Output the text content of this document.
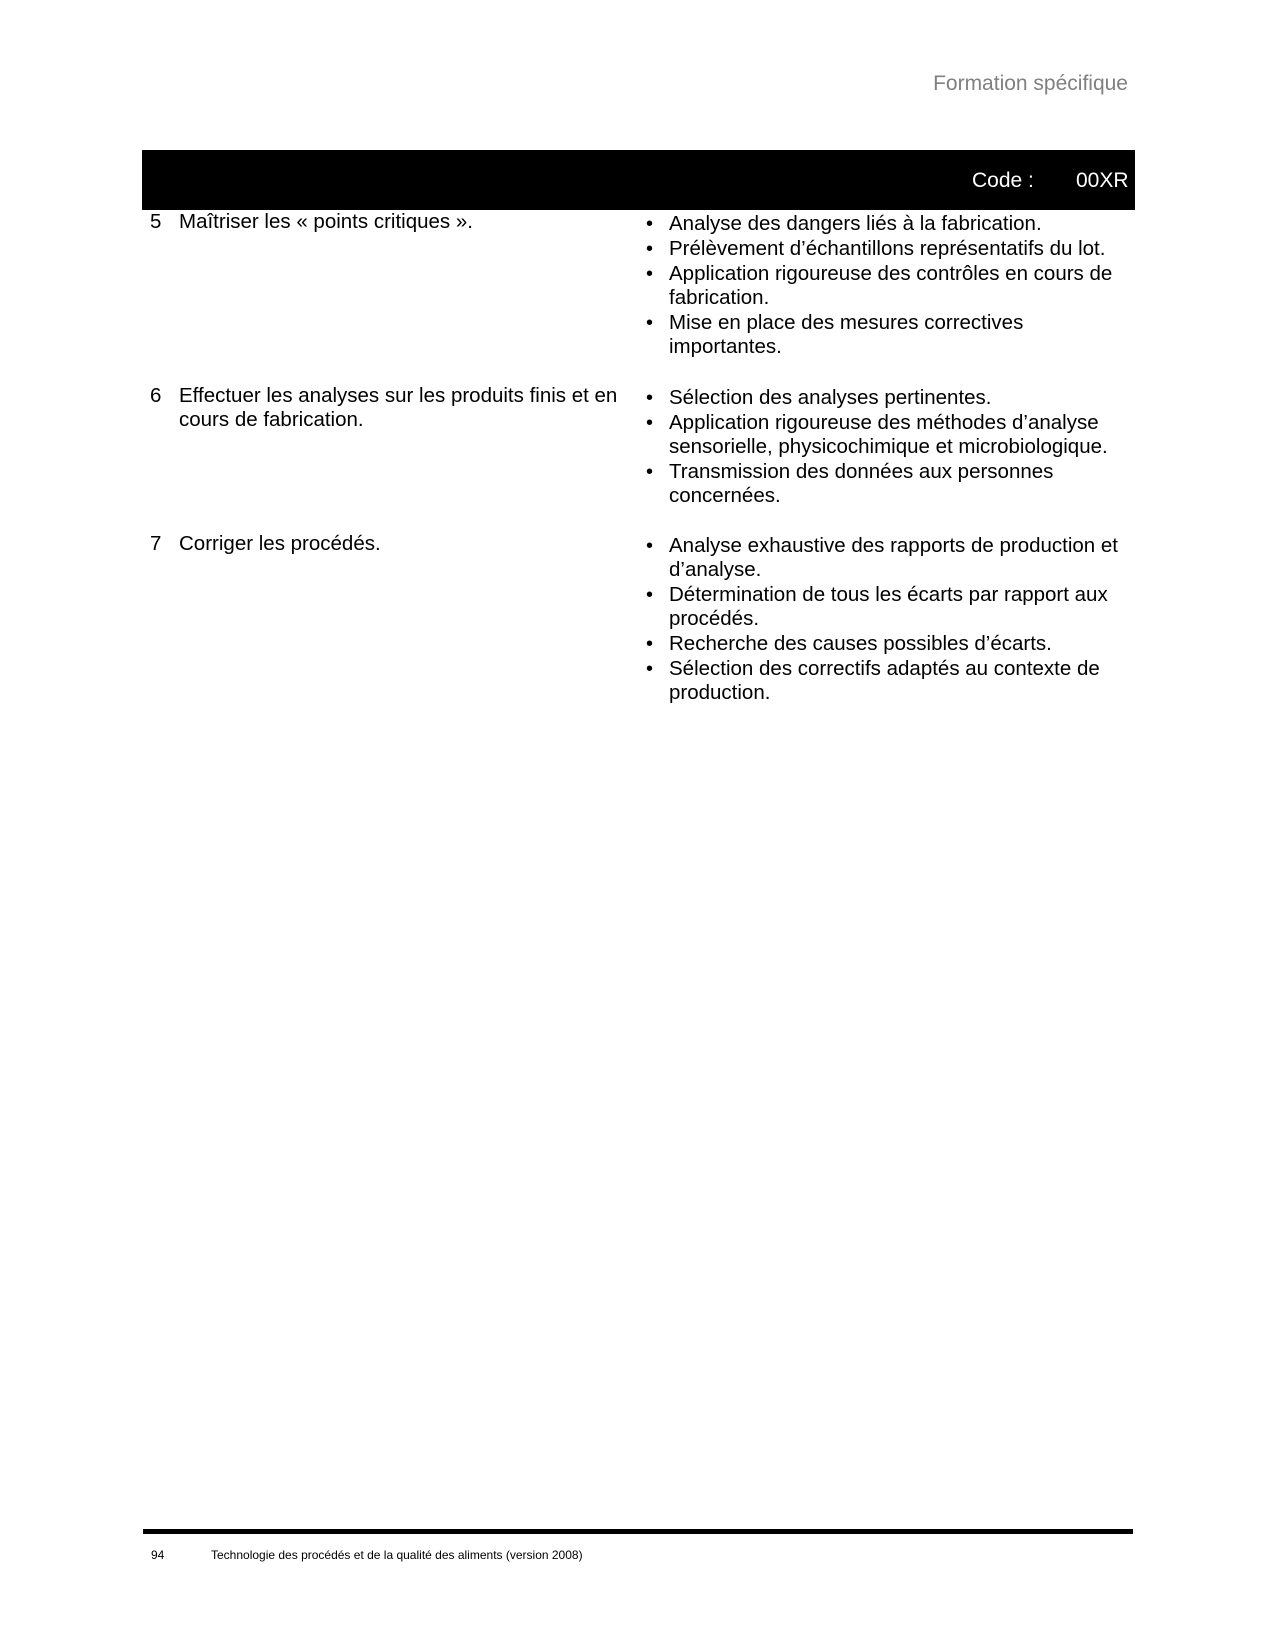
Formation spécifique
Code : 00XR
5 Maîtriser les « points critiques ».	• Analyse des dangers liés à la fabrication.
• Prélèvement d’échantillons représentatifs du lot.
• Application rigoureuse des contrôles en cours de fabrication.
• Mise en place des mesures correctives importantes.
6 Effectuer les analyses sur les produits finis et en cours de fabrication.
• Sélection des analyses pertinentes.
• Application rigoureuse des méthodes d’analyse sensorielle, physicochimique et microbiologique.
• Transmission des données aux personnes concernées.
7 Corriger les procédés.	• Analyse exhaustive des rapports de production et d’analyse.
• Détermination de tous les écarts par rapport aux procédés.
• Recherche des causes possibles d’écarts.
• Sélection des correctifs adaptés au contexte de production.
94	Technologie des procédés et de la qualité des aliments (version 2008)
